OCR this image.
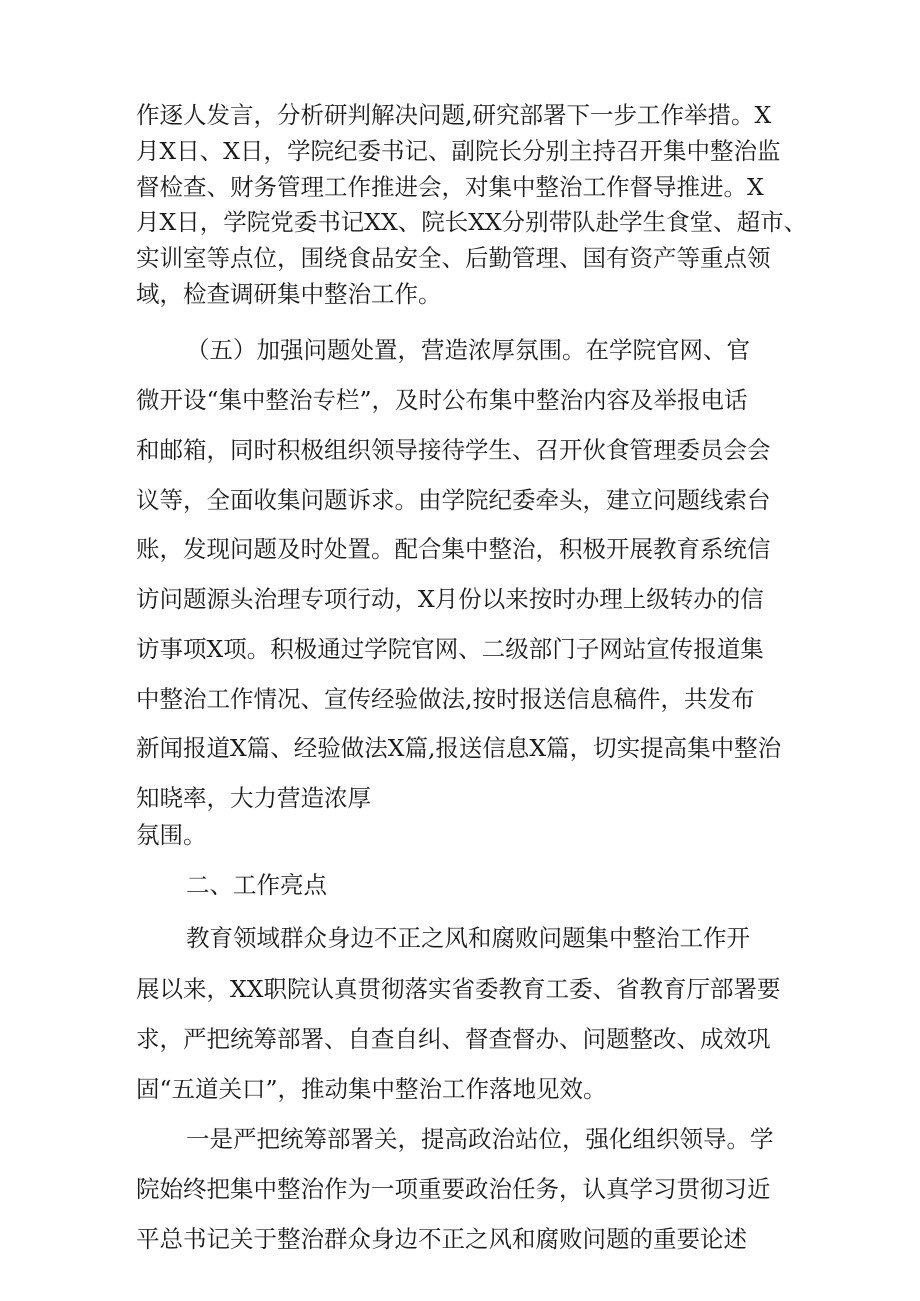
作逐人发言，分析研判解决问题,研究部署下一步工作举措。X

月X日、X日，学院纪委书记、副院长分别主持召开集中整治监

督检查、财务管理工作推进会，对集中整治工作督导推进。X

月X日，学院党委书记XX、院长XX分别带队赴学生食堂、超市、

实训室等点位，围绕食品安全、后勤管理、国有资产等重点领

域，检查调研集中整治工作。

（五）加强问题处置，营造浓厚氛围。在学院官网、官

微开设“集中整治专栏”，及时公布集中整治内容及举报电话

和邮箱，同时积极组织领导接待学生、召开伙食管理委员会会

议等，全面收集问题诉求。由学院纪委牵头，建立问题线索台

账，发现问题及时处置。配合集中整治，积极开展教育系统信

访问题源头治理专项行动，X月份以来按时办理上级转办的信

访事项X项。积极通过学院官网、二级部门子网站宣传报道集

中整治工作情况、宣传经验做法,按时报送信息稿件，共发布

新闻报道X篇、经验做法X篇,报送信息X篇，切实提高集中整治

知晓率，大力营造浓厚

氛围。

二、工作亮点

教育领域群众身边不正之风和腐败问题集中整治工作开

展以来，XX职院认真贯彻落实省委教育工委、省教育厅部署要

求，严把统筹部署、自查自纠、督查督办、问题整改、成效巩

固“五道关口”，推动集中整治工作落地见效。

一是严把统筹部署关，提高政治站位，强化组织领导。学

院始终把集中整治作为一项重要政治任务，认真学习贯彻习近

平总书记关于整治群众身边不正之风和腐败问题的重要论述
